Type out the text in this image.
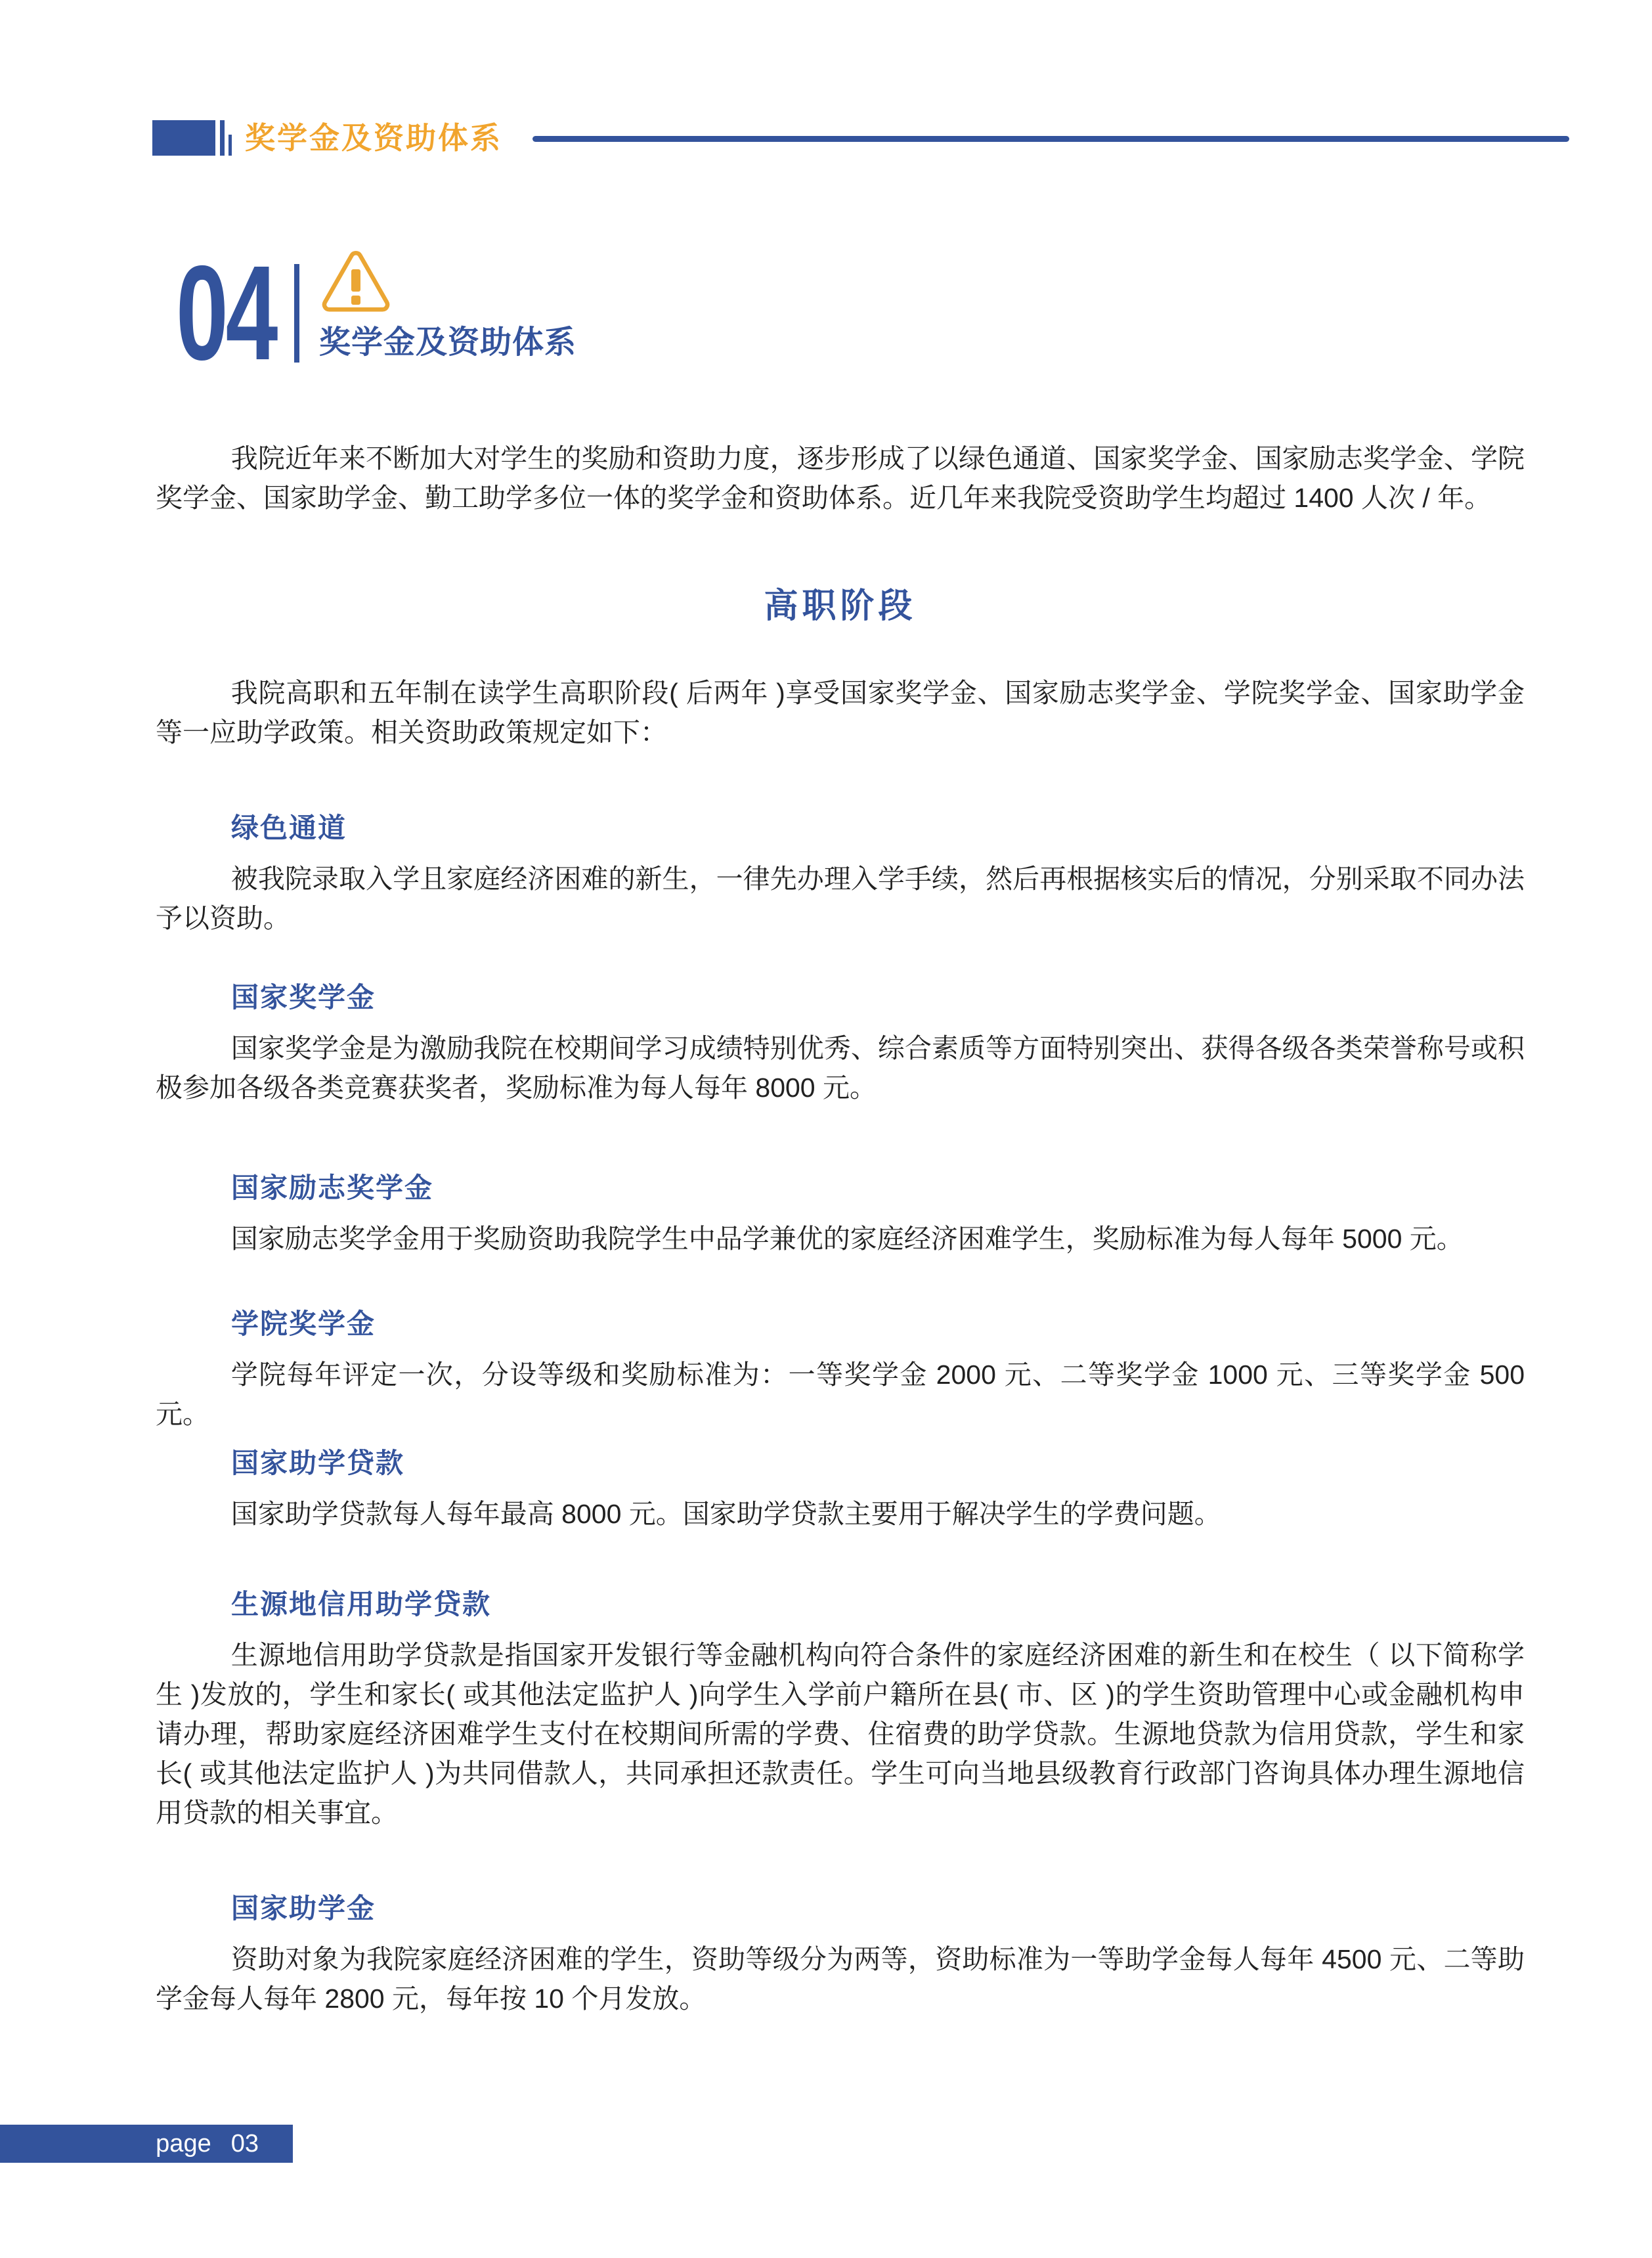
奖学金及资助体系
04 奖学金及资助体系

我院近年来不断加大对学生的奖励和资助力度，逐步形成了以绿色通道、国家奖学金、国家励志奖学金、学院奖学金、国家助学金、勤工助学多位一体的奖学金和资助体系。近几年来我院受资助学生均超过 1400 人次 / 年。

高职阶段

我院高职和五年制在读学生高职阶段( 后两年 )享受国家奖学金、国家励志奖学金、学院奖学金、国家助学金等一应助学政策。相关资助政策规定如下：

绿色通道

被我院录取入学且家庭经济困难的新生，一律先办理入学手续，然后再根据核实后的情况，分别采取不同办法予以资助。

国家奖学金

国家奖学金是为激励我院在校期间学习成绩特别优秀、综合素质等方面特别突出、获得各级各类荣誉称号或积极参加各级各类竞赛获奖者，奖励标准为每人每年 8000 元。

国家励志奖学金

国家励志奖学金用于奖励资助我院学生中品学兼优的家庭经济困难学生，奖励标准为每人每年 5000 元。

学院奖学金

学院每年评定一次，分设等级和奖励标准为：一等奖学金 2000 元、二等奖学金 1000 元、三等奖学金 500 元。

国家助学贷款

国家助学贷款每人每年最高 8000 元。国家助学贷款主要用于解决学生的学费问题。

生源地信用助学贷款

生源地信用助学贷款是指国家开发银行等金融机构向符合条件的家庭经济困难的新生和在校生（ 以下简称学生 )发放的，学生和家长( 或其他法定监护人 )向学生入学前户籍所在县( 市、区 )的学生资助管理中心或金融机构申请办理，帮助家庭经济困难学生支付在校期间所需的学费、住宿费的助学贷款。生源地贷款为信用贷款，学生和家长( 或其他法定监护人 )为共同借款人，共同承担还款责任。学生可向当地县级教育行政部门咨询具体办理生源地信用贷款的相关事宜。

国家助学金

资助对象为我院家庭经济困难的学生，资助等级分为两等，资助标准为一等助学金每人每年 4500 元、二等助学金每人每年 2800 元，每年按 10 个月发放。

page 03
